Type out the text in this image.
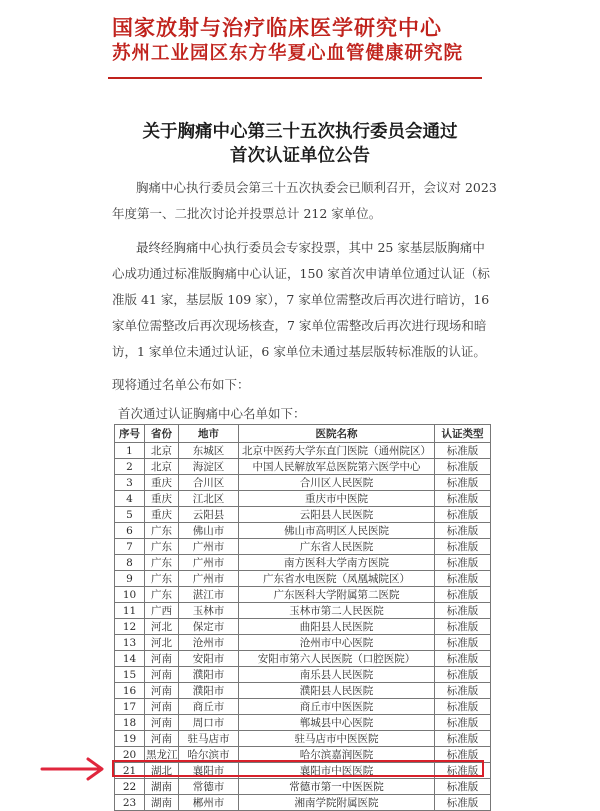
国家放射与治疗临床医学研究中心
苏州工业园区东方华夏心血管健康研究院
关于胸痛中心第三十五次执行委员会通过
首次认证单位公告
胸痛中心执行委员会第三十五次执委会已顺利召开，会议对 2023
年度第一、二批次讨论并投票总计 212 家单位。
最终经胸痛中心执行委员会专家投票，其中 25 家基层版胸痛中
心成功通过标准版胸痛中心认证，150 家首次申请单位通过认证（标
准版 41 家，基层版 109 家），7 家单位需整改后再次进行暗访，16
家单位需整改后再次现场核查，7 家单位需整改后再次进行现场和暗
访，1 家单位未通过认证，6 家单位未通过基层版转标准版的认证。
现将通过名单公布如下：
首次通过认证胸痛中心名单如下：
序号	省份	地市	医院名称	认证类型
1	北京	东城区	北京中医药大学东直门医院（通州院区）	标准版
2	北京	海淀区	中国人民解放军总医院第六医学中心	标准版
3	重庆	合川区	合川区人民医院	标准版
4	重庆	江北区	重庆市中医院	标准版
5	重庆	云阳县	云阳县人民医院	标准版
6	广东	佛山市	佛山市高明区人民医院	标准版
7	广东	广州市	广东省人民医院	标准版
8	广东	广州市	南方医科大学南方医院	标准版
9	广东	广州市	广东省水电医院（凤凰城院区）	标准版
10	广东	湛江市	广东医科大学附属第二医院	标准版
11	广西	玉林市	玉林市第二人民医院	标准版
12	河北	保定市	曲阳县人民医院	标准版
13	河北	沧州市	沧州市中心医院	标准版
14	河南	安阳市	安阳市第六人民医院（口腔医院）	标准版
15	河南	濮阳市	南乐县人民医院	标准版
16	河南	濮阳市	濮阳县人民医院	标准版
17	河南	商丘市	商丘市中医医院	标准版
18	河南	周口市	郸城县中心医院	标准版
19	河南	驻马店市	驻马店市中医医院	标准版
20	黑龙江	哈尔滨市	哈尔滨嘉润医院	标准版
21	湖北	襄阳市	襄阳市中医医院	标准版
22	湖南	常德市	常德市第一中医医院	标准版
23	湖南	郴州市	湘南学院附属医院	标准版
